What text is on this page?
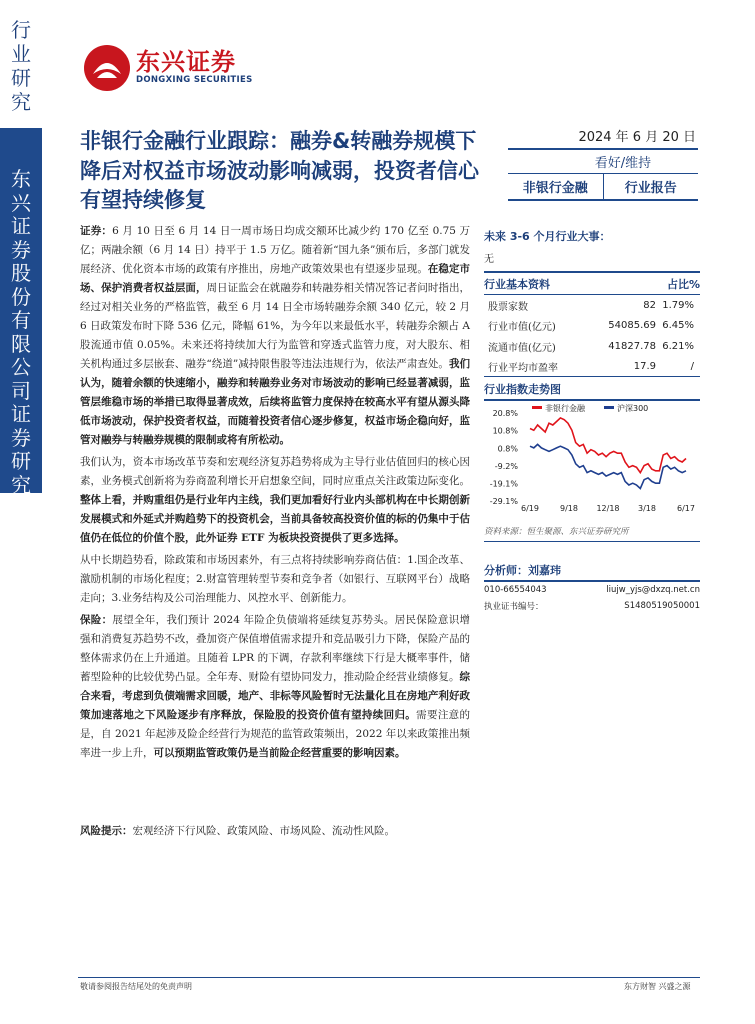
行业研究
东兴证券股份有限公司证券研究报告
东兴证券
DONGXING SECURITIES
非银行金融行业跟踪：融券&转融券规模下降后对权益市场波动影响减弱，投资者信心有望持续修复
2024 年 6 月 20 日
看好/维持
非银行金融	行业报告

证券：6 月 10 日至 6 月 14 日一周市场日均成交额环比减少约 170 亿至 0.75 万亿；两融余额（6 月 14 日）持平于 1.5 万亿。随着新“国九条”颁布后，多部门就发展经济、优化资本市场的政策有序推出，房地产政策效果也有望逐步显现。在稳定市场、保护消费者权益层面，周日证监会在就融券和转融券相关情况答记者问时指出，经过对相关业务的严格监管，截至 6 月 14 日全市场转融券余额 340 亿元，较 2 月 6 日政策发布时下降 536 亿元，降幅 61%，为今年以来最低水平，转融券余额占 A 股流通市值 0.05%。未来还将持续加大行为监管和穿透式监管力度，对大股东、相关机构通过多层嵌套、融券“绕道”减持限售股等违法违规行为，依法严肃查处。我们认为，随着余额的快速缩小，融券和转融券业务对市场波动的影响已经显著减弱，监管层维稳市场的举措已取得显著成效，后续将监管力度保持在较高水平有望从源头降低市场波动，保护投资者权益，而随着投资者信心逐步修复，权益市场企稳向好，监管对融券与转融券规模的限制或将有所松动。

我们认为，资本市场改革节奏和宏观经济复苏趋势将成为主导行业估值回归的核心因素，业务模式创新将为券商盈利增长开启想象空间，同时应重点关注政策边际变化。整体上看，并购重组仍是行业年内主线，我们更加看好行业内头部机构在中长期创新发展模式和外延式并购趋势下的投资机会，当前具备较高投资价值的标的仍集中于估值仍在低位的价值个股，此外证券 ETF 为板块投资提供了更多选择。

从中长期趋势看，除政策和市场因素外，有三点将持续影响券商估值：1.国企改革、激励机制的市场化程度；2.财富管理转型节奏和竞争者（如银行、互联网平台）战略走向；3.业务结构及公司治理能力、风控水平、创新能力。

保险：展望全年，我们预计 2024 年险企负债端将延续复苏势头。居民保险意识增强和消费复苏趋势不改，叠加资产保值增值需求提升和竞品吸引力下降，保险产品的整体需求仍在上升通道。且随着 LPR 的下调，存款利率继续下行是大概率事件，储蓄型险种的比较优势凸显。全年寿、财险有望协同发力，推动险企经营业绩修复。综合来看，考虑到负债端需求回暖，地产、非标等风险暂时无法量化且在房地产利好政策加速落地之下风险逐步有序释放，保险股的投资价值有望持续回归。需要注意的是，自 2021 年起涉及险企经营行为规范的监管政策频出，2022 年以来政策推出频率进一步上升，可以预期监管政策仍是当前险企经营重要的影响因素。

风险提示：宏观经济下行风险、政策风险、市场风险、流动性风险。
未来 3-6 个月行业大事：
无
行业基本资料	占比%
股票家数	82 1.79%
行业市值(亿元)	54085.69 6.45%
流通市值(亿元)	41827.78 6.21%
行业平均市盈率	17.9	/
行业指数走势图
20.8%
10.8%
0.8%
-9.2%
-19.1%
-29.1%
6/19	9/18 12/18 3/18	6/17
非银行金融	沪深300
资料来源：恒生聚源、东兴证券研究所
分析师：刘嘉玮
010-66554043	liujw_yjs@dxzq.net.cn
执业证书编号：	S1480519050001
敬请参阅报告结尾处的免责声明	东方财智 兴盛之源
